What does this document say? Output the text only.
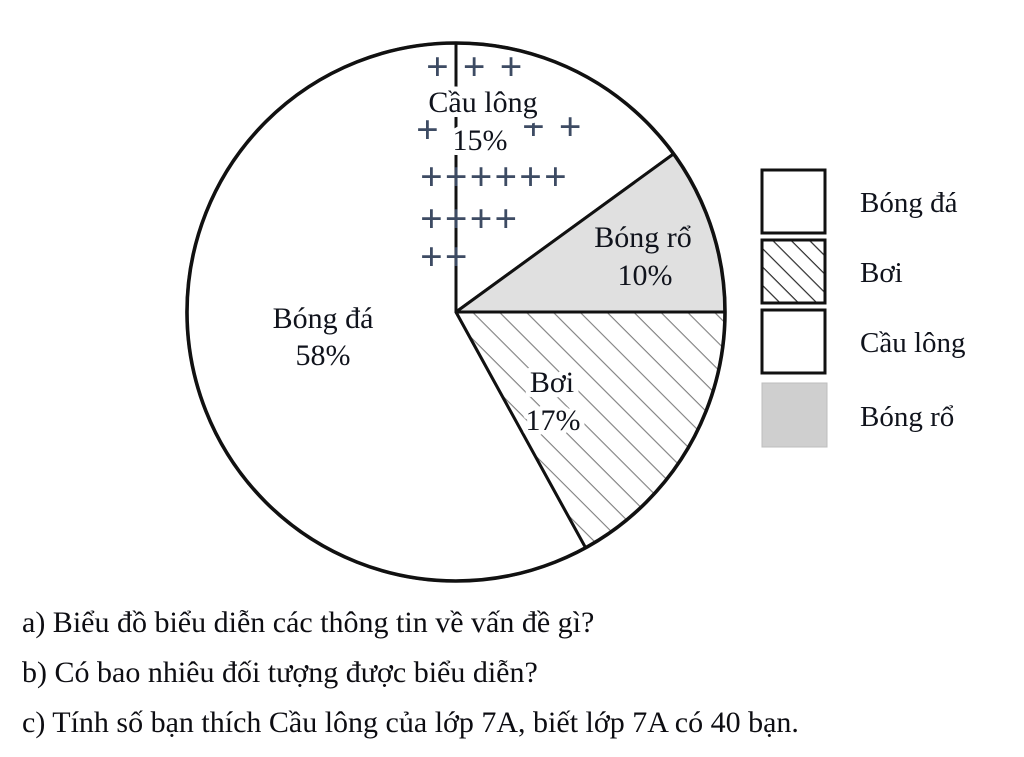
+ + +
+ + +
++++++
++++
++
Cầu lông
15%
Bóng rổ
10%
Bơi
17%
Bóng đá
58%
Bóng đá
Bơi
Cầu lông
Bóng rổ
a) Biểu đồ biểu diễn các thông tin về vấn đề gì?
b) Có bao nhiêu đối tượng được biểu diễn?
c) Tính số bạn thích Cầu lông của lớp 7A, biết lớp 7A có 40 bạn.
